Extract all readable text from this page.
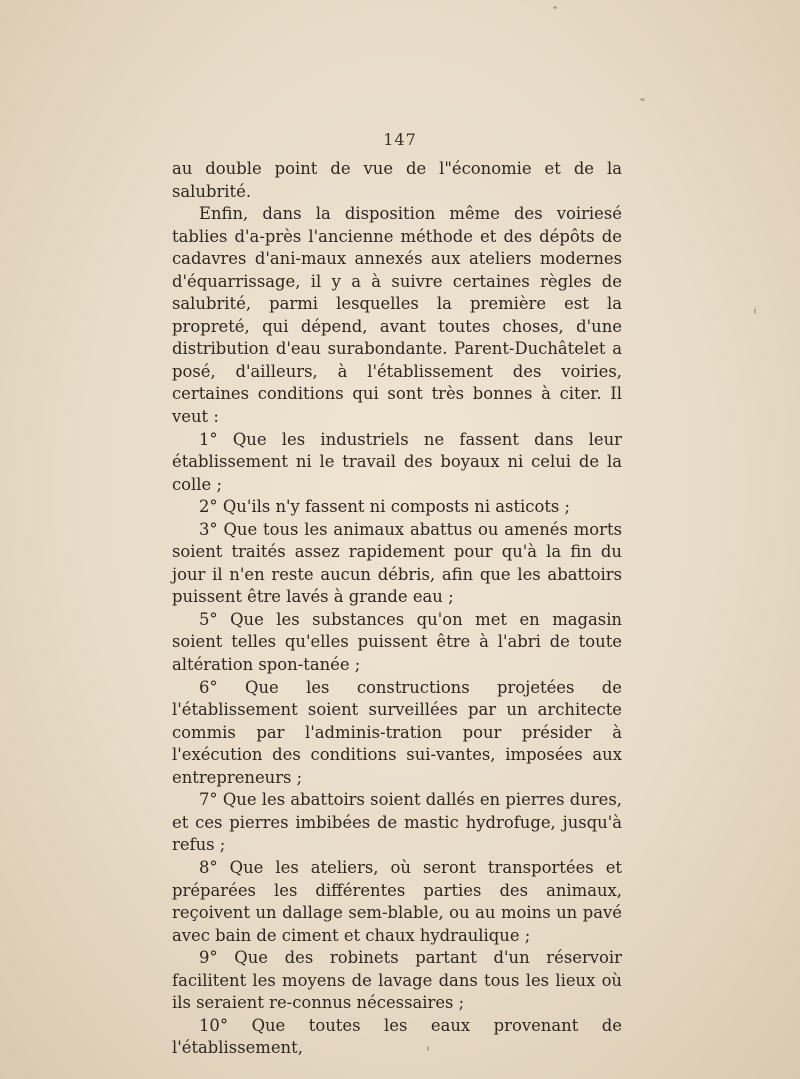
147

au double point de vue de l"économie et de la salubrité.

Enfin, dans la disposition même des voiriesé tablies d'a-près l'ancienne méthode et des dépôts de cadavres d'ani-maux annexés aux ateliers modernes d'équarrissage, il y a à suivre certaines règles de salubrité, parmi lesquelles la première est la propreté, qui dépend, avant toutes choses, d'une distribution d'eau surabondante. Parent-Duchâtelet a posé, d'ailleurs, à l'établissement des voiries, certaines conditions qui sont très bonnes à citer. Il veut :

1° Que les industriels ne fassent dans leur établissement ni le travail des boyaux ni celui de la colle ;

2° Qu'ils n'y fassent ni composts ni asticots ;

3° Que tous les animaux abattus ou amenés morts soient traités assez rapidement pour qu'à la fin du jour il n'en reste aucun débris, afin que les abattoirs puissent être lavés à grande eau ;

5° Que les substances qu'on met en magasin soient telles qu'elles puissent être à l'abri de toute altération spon-tanée ;

6° Que les constructions projetées de l'établissement soient surveillées par un architecte commis par l'adminis-tration pour présider à l'exécution des conditions sui-vantes, imposées aux entrepreneurs ;

7° Que les abattoirs soient dallés en pierres dures, et ces pierres imbibées de mastic hydrofuge, jusqu'à refus ;

8° Que les ateliers, où seront transportées et préparées les différentes parties des animaux, reçoivent un dallage sem-blable, ou au moins un pavé avec bain de ciment et chaux hydraulique ;

9° Que des robinets partant d'un réservoir facilitent les moyens de lavage dans tous les lieux où ils seraient re-connus nécessaires ;

10° Que toutes les eaux provenant de l'établissement,
